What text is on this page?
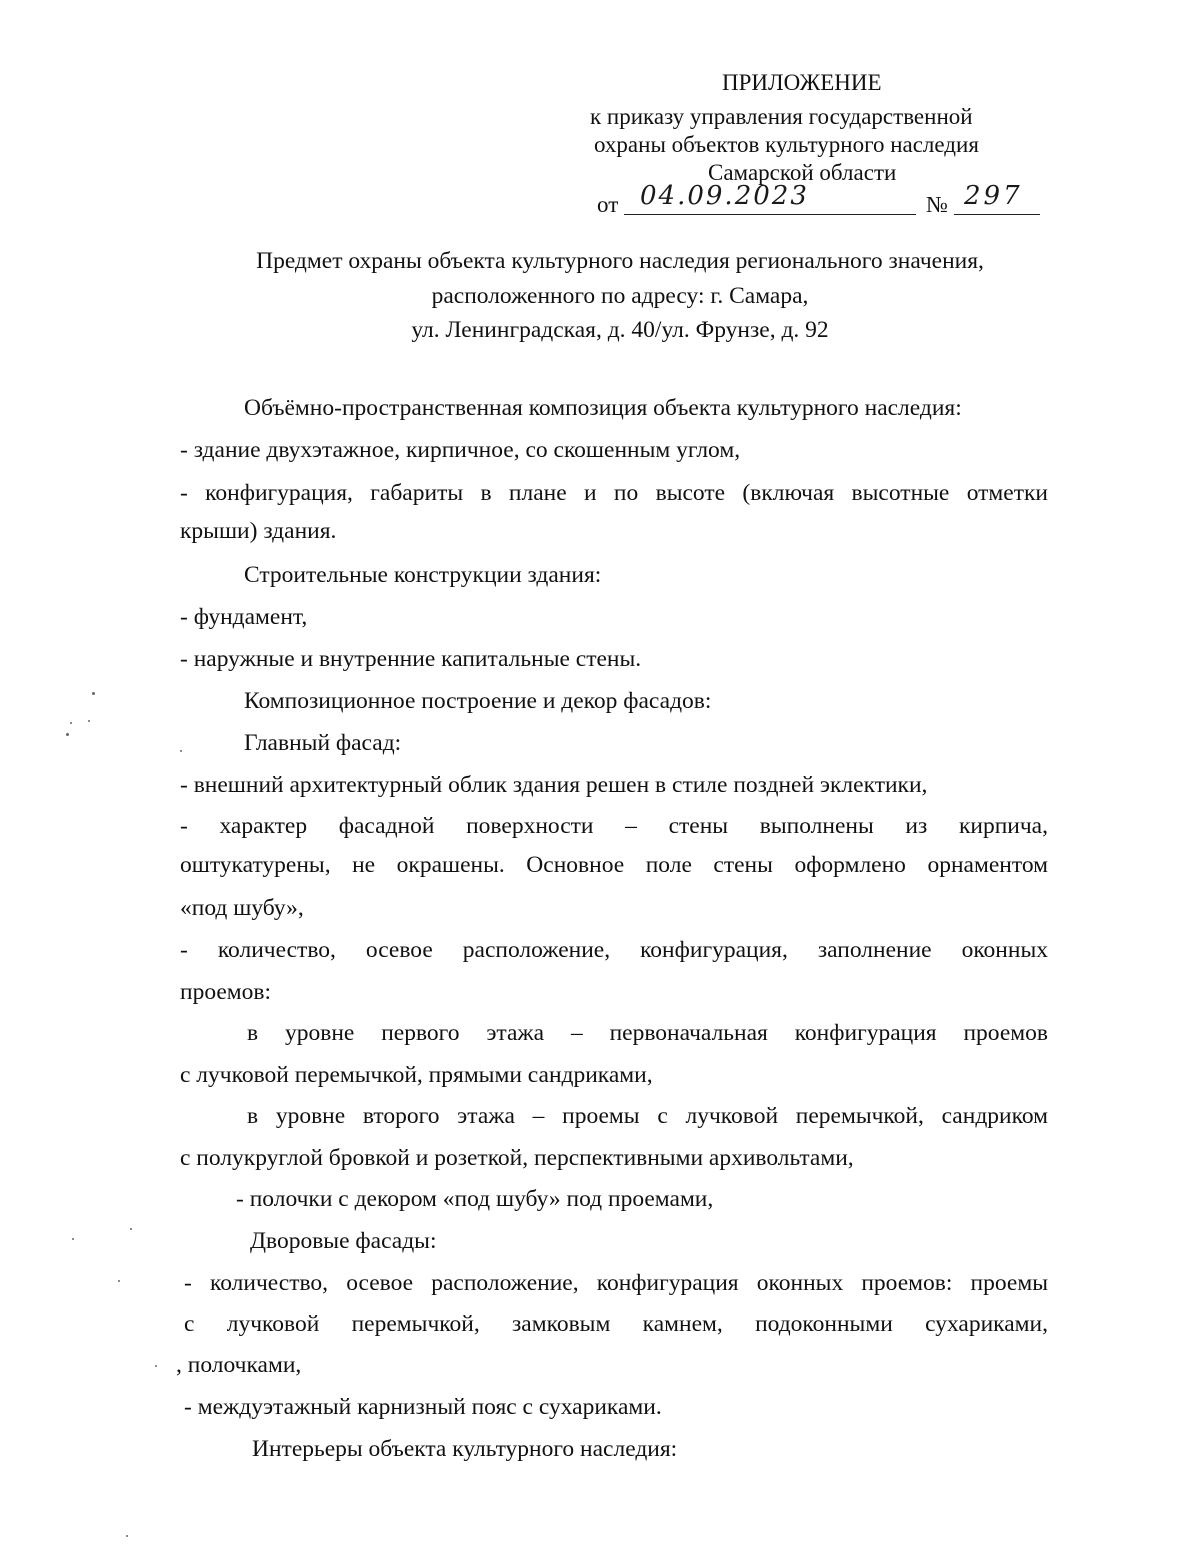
ПРИЛОЖЕНИЕ
к приказу управления государственной
охраны объектов культурного наследия
Самарской области
от 04.09.2023	№ 297
Предмет охраны объекта культурного наследия регионального значения,
расположенного по адресу: г. Самара,
ул. Ленинградская, д. 40/ул. Фрунзе, д. 92
Объёмно-пространственная композиция объекта культурного наследия:
- здание двухэтажное, кирпичное, со скошенным углом,
- конфигурация, габариты в плане и по высоте (включая высотные отметки
крыши) здания.
Строительные конструкции здания:
- фундамент,
- наружные и внутренние капитальные стены.
Композиционное построение и декор фасадов:
Главный фасад:
- внешний архитектурный облик здания решен в стиле поздней эклектики,
- характер фасадной поверхности – стены выполнены из кирпича,
оштукатурены, не окрашены. Основное поле стены оформлено орнаментом
«под шубу»,
- количество, осевое расположение, конфигурация, заполнение оконных
проемов:
в уровне первого этажа – первоначальная конфигурация проемов
с лучковой перемычкой, прямыми сандриками,
в уровне второго этажа – проемы с лучковой перемычкой, сандриком
с полукруглой бровкой и розеткой, перспективными архивольтами,
- полочки с декором «под шубу» под проемами,
Дворовые фасады:
- количество, осевое расположение, конфигурация оконных проемов: проемы
с лучковой перемычкой, замковым камнем, подоконными сухариками,
, полочками,
- междуэтажный карнизный пояс с сухариками.
Интерьеры объекта культурного наследия:
